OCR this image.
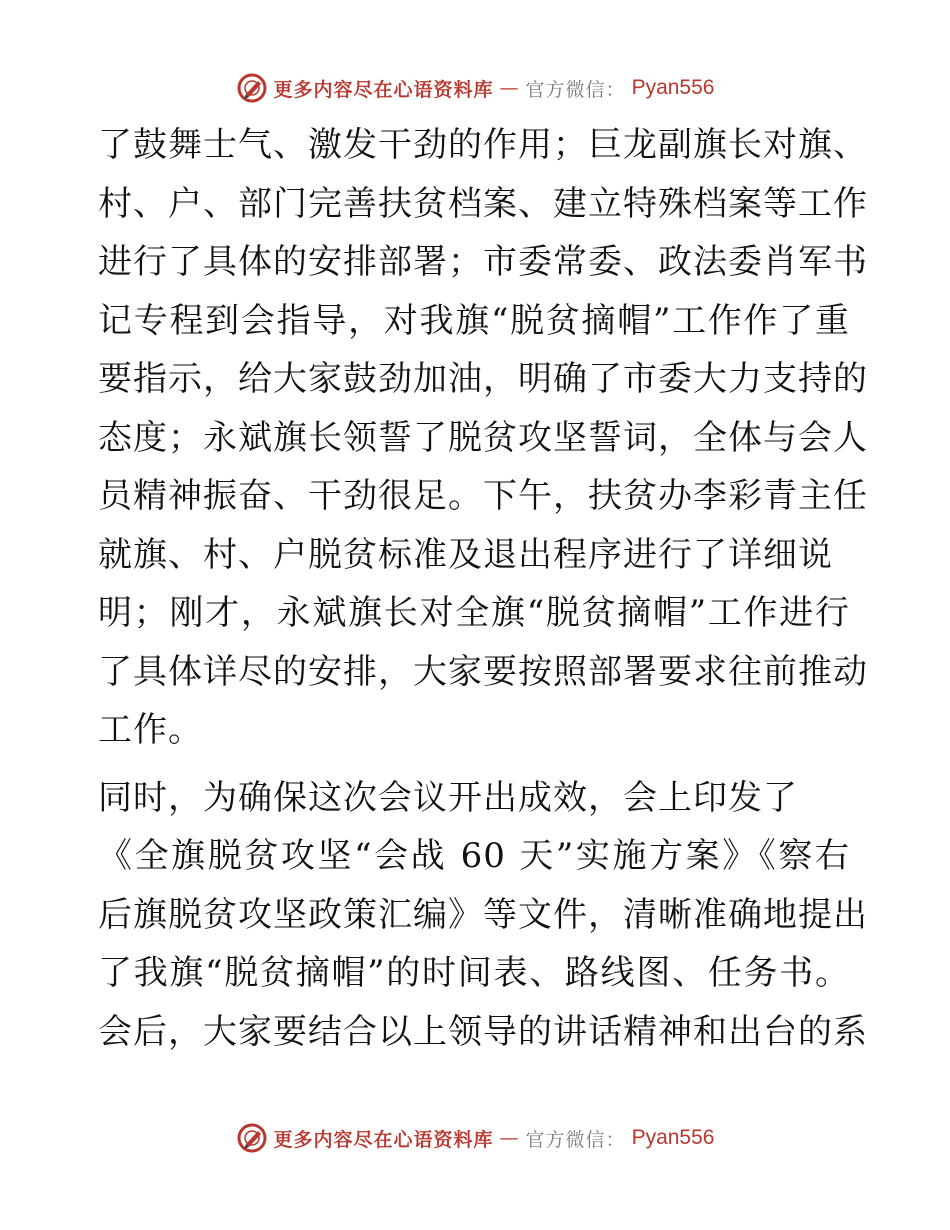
更多内容尽在心语资料库 — 官方微信： Pyan556
了鼓舞士气、激发干劲的作用；巨龙副旗长对旗、
村、户、部门完善扶贫档案、建立特殊档案等工作
进行了具体的安排部署；市委常委、政法委肖军书
记专程到会指导，对我旗“脱贫摘帽”工作作了重
要指示，给大家鼓劲加油，明确了市委大力支持的
态度；永斌旗长领誓了脱贫攻坚誓词，全体与会人
员精神振奋、干劲很足。下午，扶贫办李彩青主任
就旗、村、户脱贫标准及退出程序进行了详细说
明；刚才，永斌旗长对全旗“脱贫摘帽”工作进行
了具体详尽的安排，大家要按照部署要求往前推动
工作。
同时，为确保这次会议开出成效，会上印发了
《全旗脱贫攻坚“会战 60 天”实施方案》《察右
后旗脱贫攻坚政策汇编》等文件，清晰准确地提出
了我旗“脱贫摘帽”的时间表、路线图、任务书。
会后，大家要结合以上领导的讲话精神和出台的系
更多内容尽在心语资料库 — 官方微信： Pyan556
